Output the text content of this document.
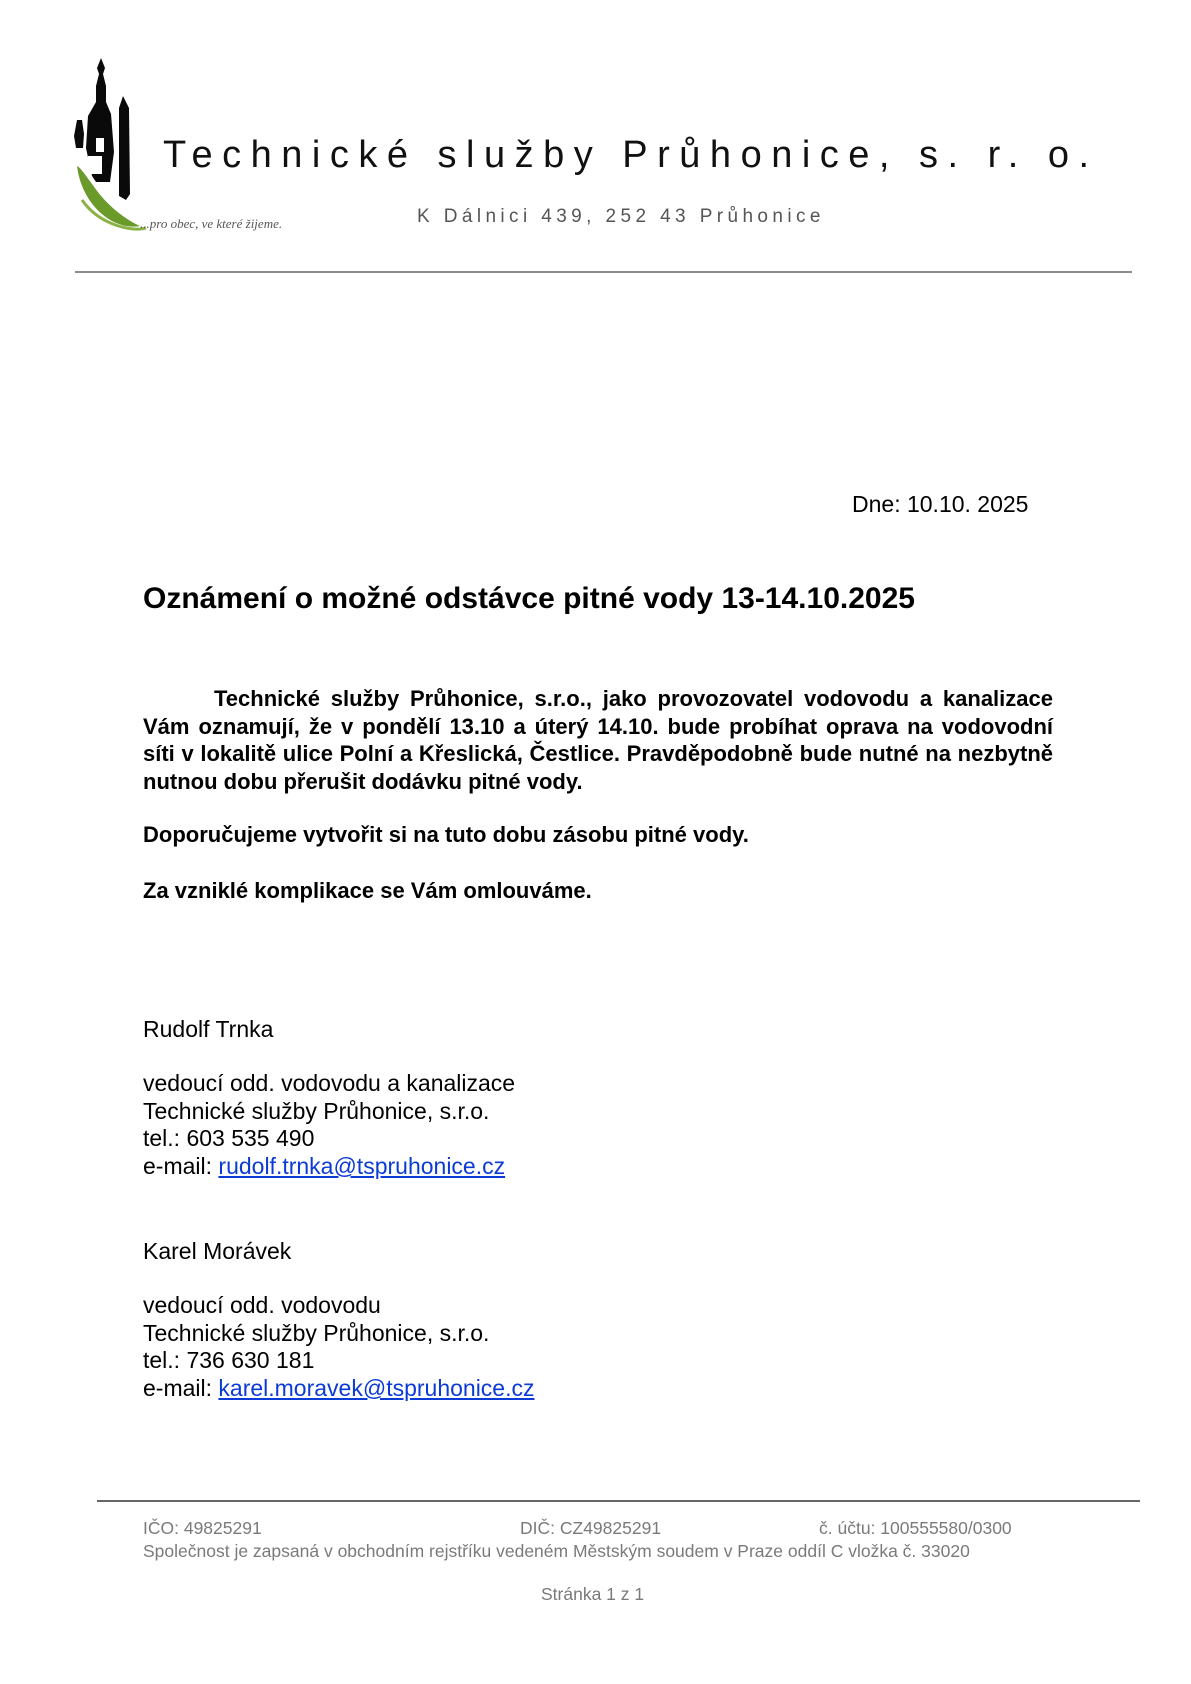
...pro obec, ve které žijeme.
Technické služby Průhonice, s. r. o.
K Dálnici 439, 252 43 Průhonice
Dne: 10.10. 2025
Oznámení o možné odstávce pitné vody 13-14.10.2025

Technické služby Průhonice, s.r.o., jako provozovatel vodovodu a kanalizace Vám oznamují, že v pondělí 13.10 a úterý 14.10. bude probíhat oprava na vodovodní síti v lokalitě ulice Polní a Křeslická, Čestlice. Pravděpodobně bude nutné na nezbytně nutnou dobu přerušit dodávku pitné vody.

Doporučujeme vytvořit si na tuto dobu zásobu pitné vody.
Za vzniklé komplikace se Vám omlouváme.
Rudolf Trnka
vedoucí odd. vodovodu a kanalizace
Technické služby Průhonice, s.r.o.
tel.: 603 535 490
e-mail: rudolf.trnka@tspruhonice.cz
Karel Morávek
vedoucí odd. vodovodu
Technické služby Průhonice, s.r.o.
tel.: 736 630 181
e-mail: karel.moravek@tspruhonice.cz
IČO: 49825291	DIČ: CZ49825291	č. účtu: 100555580/0300
Společnost je zapsaná v obchodním rejstříku vedeném Městským soudem v Praze oddíl C vložka č. 33020
Stránka 1 z 1
